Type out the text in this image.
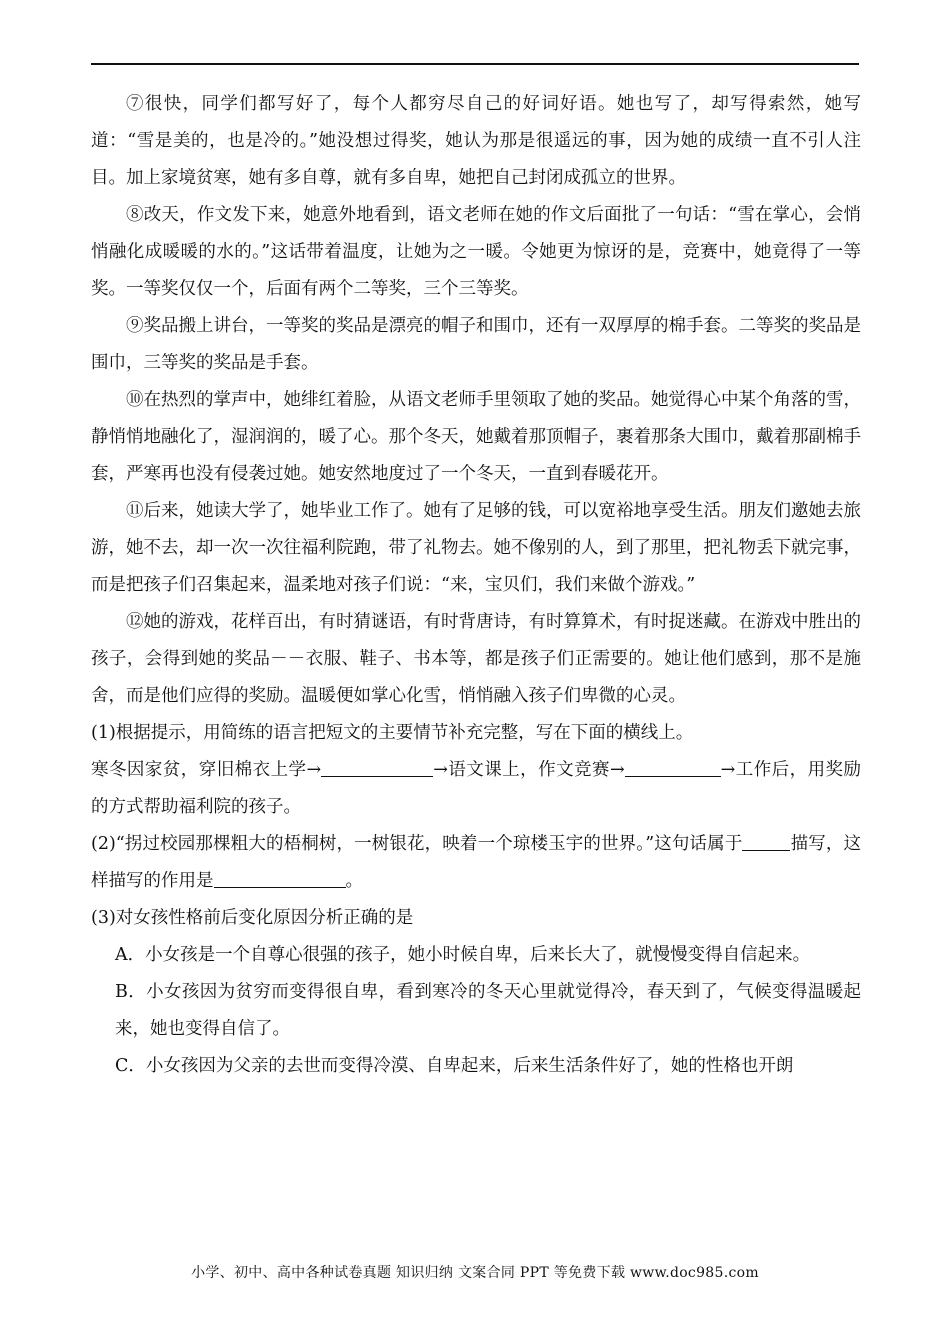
⑦很快，同学们都写好了，每个人都穷尽自己的好词好语。她也写了，却写得索然，她写道：“雪是美的，也是冷的。”她没想过得奖，她认为那是很遥远的事，因为她的成绩一直不引人注目。加上家境贫寒，她有多自尊，就有多自卑，她把自己封闭成孤立的世界。

⑧改天，作文发下来，她意外地看到，语文老师在她的作文后面批了一句话：“雪在掌心，会悄悄融化成暖暖的水的。”这话带着温度，让她为之一暖。令她更为惊讶的是，竞赛中，她竟得了一等奖。一等奖仅仅一个，后面有两个二等奖，三个三等奖。

⑨奖品搬上讲台，一等奖的奖品是漂亮的帽子和围巾，还有一双厚厚的棉手套。二等奖的奖品是围巾，三等奖的奖品是手套。

⑩在热烈的掌声中，她绯红着脸，从语文老师手里领取了她的奖品。她觉得心中某个角落的雪，静悄悄地融化了，湿润润的，暖了心。那个冬天，她戴着那顶帽子，裹着那条大围巾，戴着那副棉手套，严寒再也没有侵袭过她。她安然地度过了一个冬天，一直到春暖花开。

⑪后来，她读大学了，她毕业工作了。她有了足够的钱，可以宽裕地享受生活。朋友们邀她去旅游，她不去，却一次一次往福利院跑，带了礼物去。她不像别的人，到了那里，把礼物丢下就完事，而是把孩子们召集起来，温柔地对孩子们说：“来，宝贝们，我们来做个游戏。”

⑫她的游戏，花样百出，有时猜谜语，有时背唐诗，有时算算术，有时捉迷藏。在游戏中胜出的孩子，会得到她的奖品－－衣服、鞋子、书本等，都是孩子们正需要的。她让他们感到，那不是施舍，而是他们应得的奖励。温暖便如掌心化雪，悄悄融入孩子们卑微的心灵。

(1)根据提示，用简练的语言把短文的主要情节补充完整，写在下面的横线上。

寒冬因家贫，穿旧棉衣上学→	→语文课上，作文竞赛→	→工作后，用奖励的方式帮助福利院的孩子。

(2)“拐过校园那棵粗大的梧桐树，一树银花，映着一个琼楼玉宇的世界。”这句话属于	描写，这样描写的作用是	。

(3)对女孩性格前后变化原因分析正确的是

A．小女孩是一个自尊心很强的孩子，她小时候自卑，后来长大了，就慢慢变得自信起来。

B．小女孩因为贫穷而变得很自卑，看到寒冷的冬天心里就觉得冷，春天到了，气候变得温暖起来，她也变得自信了。

C．小女孩因为父亲的去世而变得冷漠、自卑起来，后来生活条件好了，她的性格也开朗

小学、初中、高中各种试卷真题 知识归纳 文案合同 PPT 等免费下载 www.doc985.com
